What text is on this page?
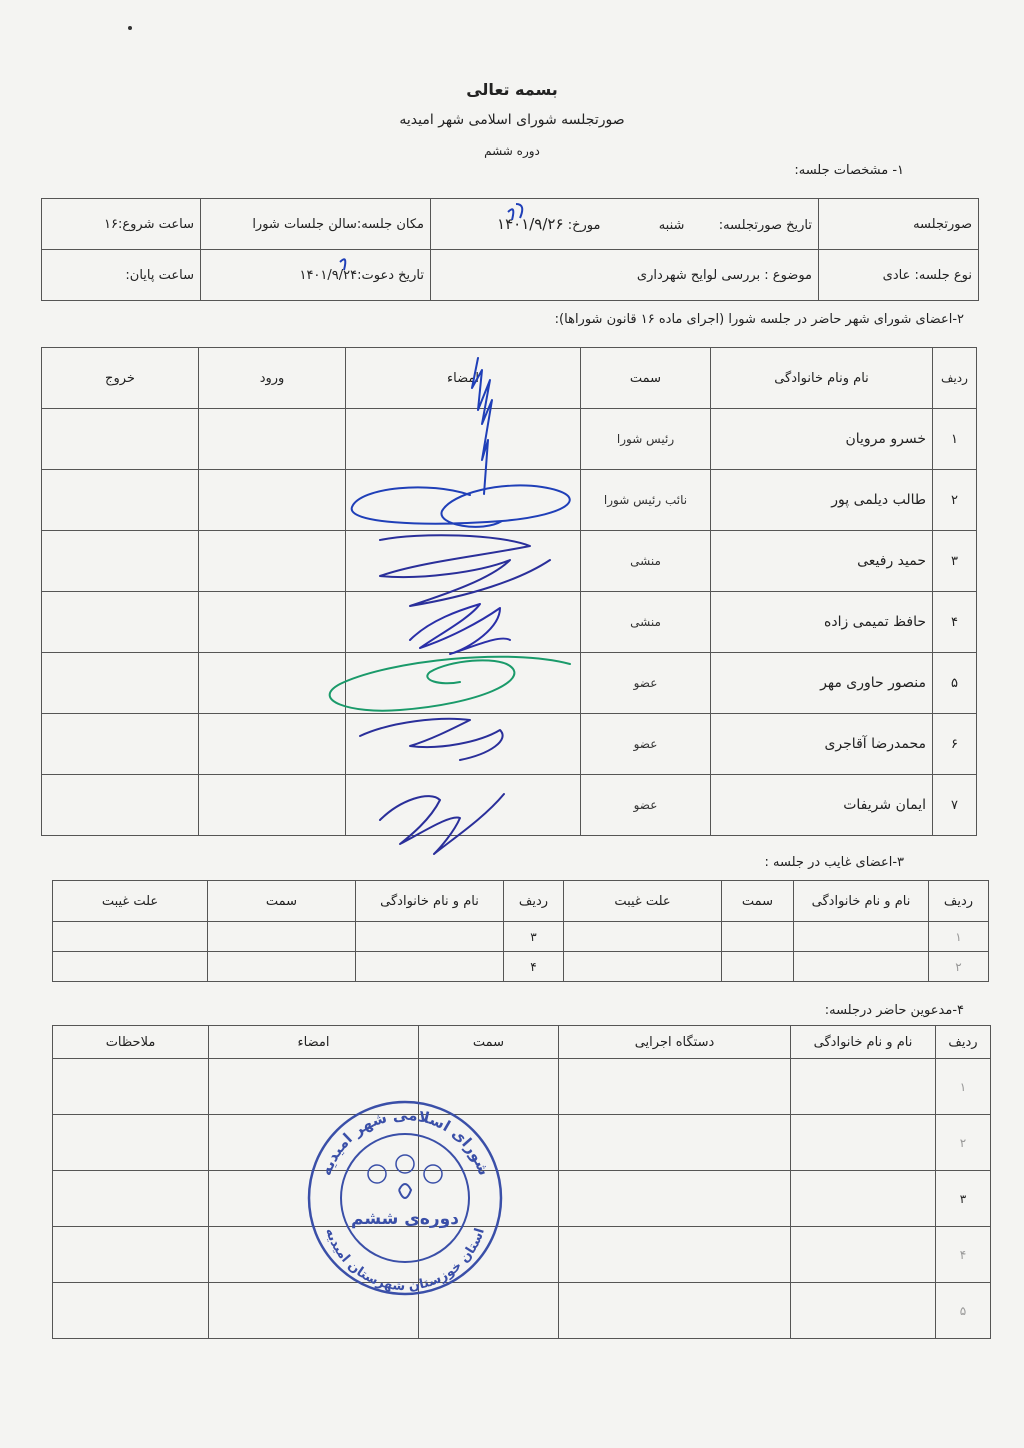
بسمه تعالی
صورتجلسه شورای اسلامی شهر امیدیه
دوره ششم
۱- مشخصات جلسه:
صورتجلسه	تاریخ صورتجلسه:  شنبه  مورخ: ۱۴۰۱/۹/۲۶	مکان جلسه:سالن جلسات شورا	ساعت شروع:۱۶
نوع جلسه: عادی	موضوع : بررسی لوایح شهرداری	تاریخ دعوت:۱۴۰۱/۹/۲۴	ساعت پایان:
۲-اعضای شورای شهر حاضر در جلسه شورا (اجرای ماده ۱۶ قانون شوراها):
ردیف	نام ونام خانوادگی	سمت	امضاء	ورود	خروج
۱	خسرو مرویان	رئیس شورا			
۲	طالب دیلمی پور	نائب رئیس شورا			
۳	حمید رفیعی	منشی			
۴	حافظ تمیمی زاده	منشی			
۵	منصور حاوری مهر	عضو			
۶	محمدرضا آقاجری	عضو			
۷	ایمان شریفات	عضو			
۳-اعضای غایب در جلسه :
ردیف	نام و نام خانوادگی	سمت	علت غیبت	ردیف	نام و نام خانوادگی	سمت	علت غیبت
۱				۳			
۲				۴			
۴-مدعوین حاضر درجلسه:
ردیف	نام و نام خانوادگی	دستگاه اجرایی	سمت	امضاء	ملاحظات
۱					
۲					
۳					
۴					
۵					
شورای اسلامی شهر امیدیه
استان خوزستان شهرستان امیدیه
دوره‌ی ششم
